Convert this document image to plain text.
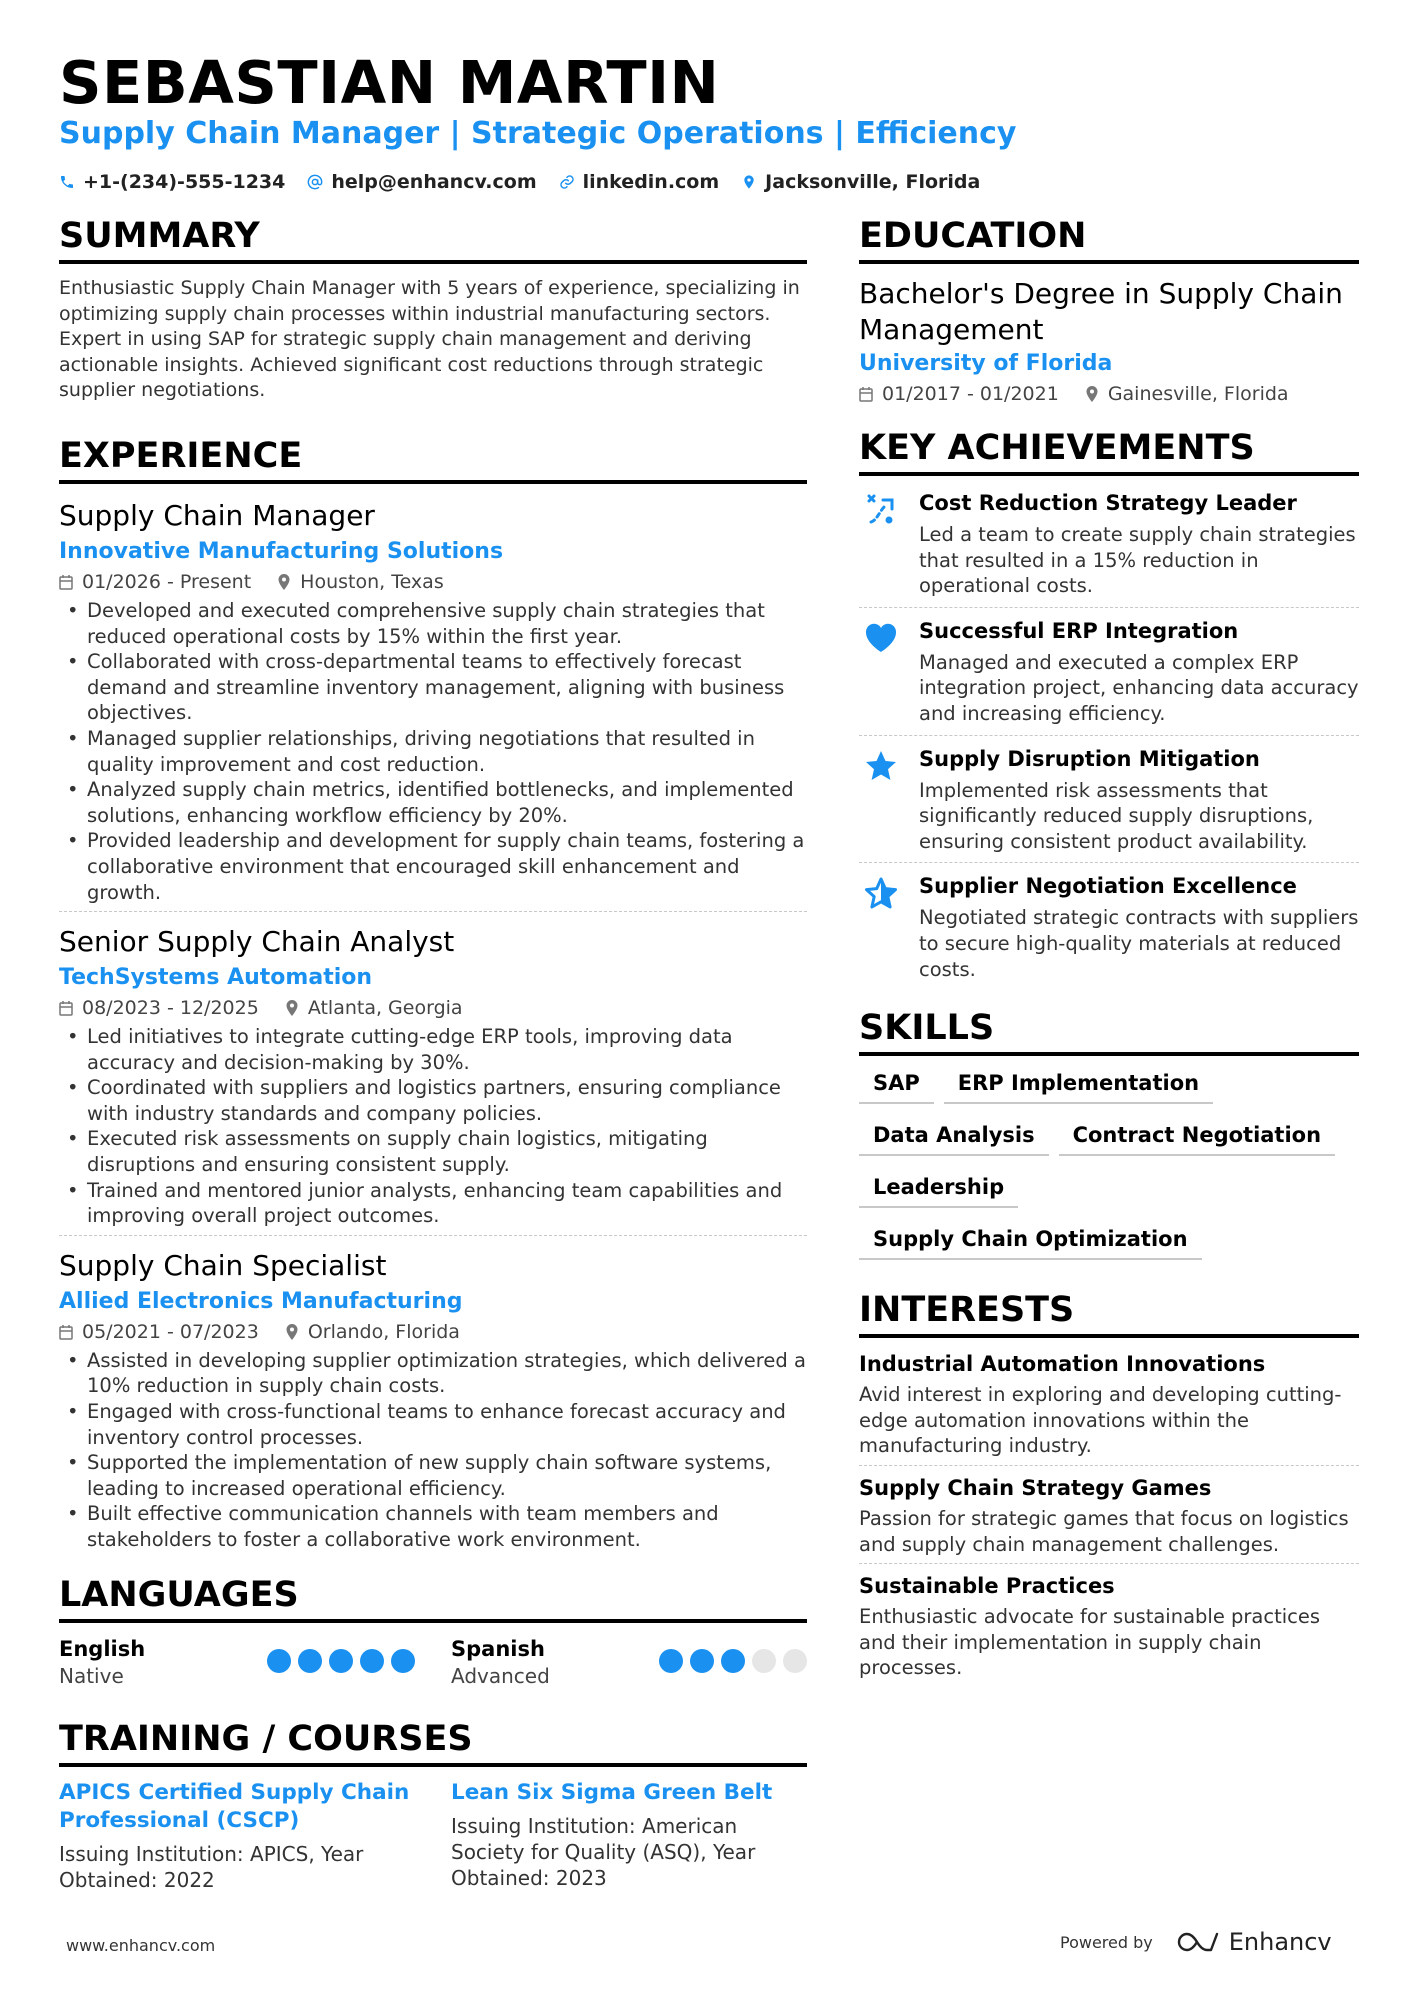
SEBASTIAN MARTIN
Supply Chain Manager | Strategic Operations | Efficiency
+1-(234)-555-1234 help@enhancv.com linkedin.com Jacksonville, Florida
SUMMARY
Enthusiastic Supply Chain Manager with 5 years of experience, specializing in optimizing supply chain processes within industrial manufacturing sectors. Expert in using SAP for strategic supply chain management and deriving actionable insights. Achieved significant cost reductions through strategic supplier negotiations.
EXPERIENCE
Supply Chain Manager
Innovative Manufacturing Solutions
01/2026 - Present	Houston, Texas
• Developed and executed comprehensive supply chain strategies that reduced operational costs by 15% within the first year.
• Collaborated with cross-departmental teams to effectively forecast demand and streamline inventory management, aligning with business objectives.
• Managed supplier relationships, driving negotiations that resulted in quality improvement and cost reduction.
• Analyzed supply chain metrics, identified bottlenecks, and implemented solutions, enhancing workflow efficiency by 20%.
• Provided leadership and development for supply chain teams, fostering a collaborative environment that encouraged skill enhancement and growth.
Senior Supply Chain Analyst
TechSystems Automation
08/2023 - 12/2025	Atlanta, Georgia
• Led initiatives to integrate cutting-edge ERP tools, improving data accuracy and decision-making by 30%.
• Coordinated with suppliers and logistics partners, ensuring compliance with industry standards and company policies.
• Executed risk assessments on supply chain logistics, mitigating disruptions and ensuring consistent supply.
• Trained and mentored junior analysts, enhancing team capabilities and improving overall project outcomes.
Supply Chain Specialist
Allied Electronics Manufacturing
05/2021 - 07/2023	Orlando, Florida
• Assisted in developing supplier optimization strategies, which delivered a 10% reduction in supply chain costs.
• Engaged with cross-functional teams to enhance forecast accuracy and inventory control processes.
• Supported the implementation of new supply chain software systems, leading to increased operational efficiency.
• Built effective communication channels with team members and stakeholders to foster a collaborative work environment.
LANGUAGES
English
Native
Spanish
Advanced
TRAINING / COURSES
APICS Certified Supply Chain Professional (CSCP)
Issuing Institution: APICS, Year Obtained: 2022
Lean Six Sigma Green Belt
Issuing Institution: American Society for Quality (ASQ), Year Obtained: 2023
EDUCATION
Bachelor's Degree in Supply Chain Management
University of Florida
01/2017 - 01/2021	Gainesville, Florida
KEY ACHIEVEMENTS
Cost Reduction Strategy Leader
Led a team to create supply chain strategies that resulted in a 15% reduction in operational costs.
Successful ERP Integration
Managed and executed a complex ERP integration project, enhancing data accuracy and increasing efficiency.
Supply Disruption Mitigation
Implemented risk assessments that significantly reduced supply disruptions, ensuring consistent product availability.
Supplier Negotiation Excellence
Negotiated strategic contracts with suppliers to secure high-quality materials at reduced costs.
SKILLS
SAP	ERP Implementation
Data Analysis	Contract Negotiation
Leadership
Supply Chain Optimization
INTERESTS
Industrial Automation Innovations
Avid interest in exploring and developing cutting-edge automation innovations within the manufacturing industry.
Supply Chain Strategy Games
Passion for strategic games that focus on logistics and supply chain management challenges.
Sustainable Practices
Enthusiastic advocate for sustainable practices and their implementation in supply chain processes.
www.enhancv.com	Powered by	Enhancv
